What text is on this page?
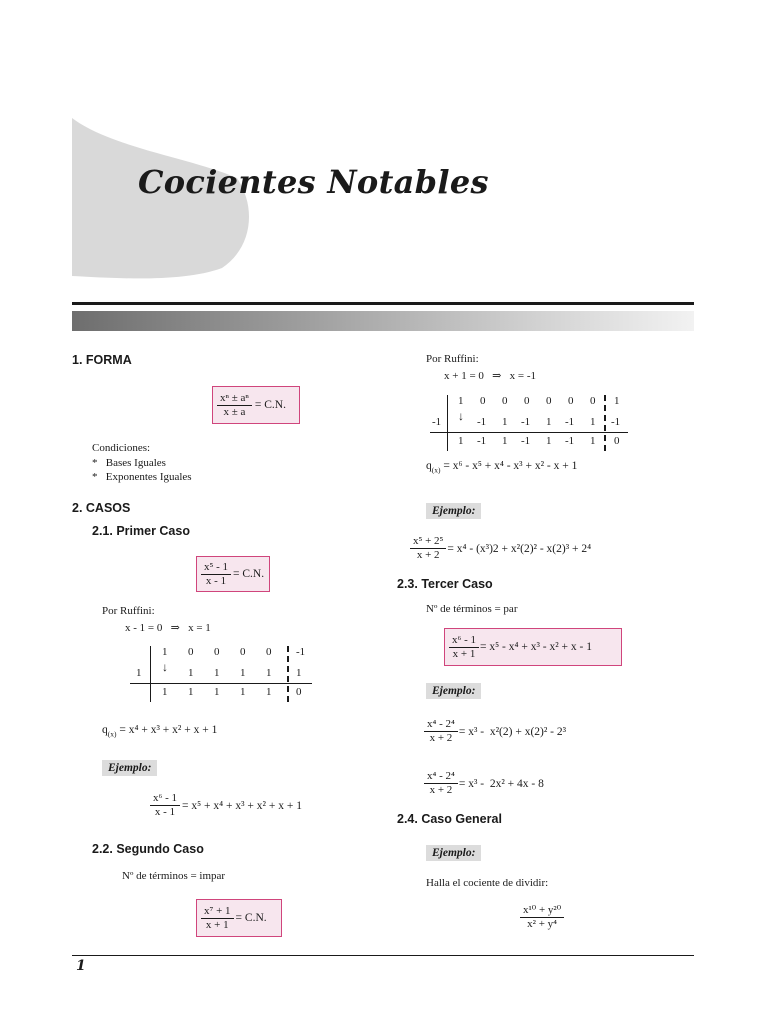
Cocientes Notables
1. FORMA
$\frac{\text{xⁿ ± aⁿ}}{x \pm a} = C.N$.
Condiciones:
*   Bases Iguales
*   Exponentes Iguales
2. CASOS
2.1. Primer Caso
$\frac{\text{x⁵ - 1}}{x - 1} = C.N$.
Por Ruffini:
x - 1 = 0   ⇒   x = 1
1 0 0 0 0 -1
1 ↓ 1 1 1 1 1
1 1 1 1 1 0
$q_{(x)} = x^4 + x^3 + x^2 + x + 1$
Ejemplo:
$\frac{\text{x⁶ - 1}}{x - 1} = x^5 + x^4 + x^3 + x^2 + x + 1$
2.2. Segundo Caso
Nº de términos = impar
$\frac{\text{x⁷ + 1}}{x + 1} = C.N$.
Por Ruffini:
x + 1 = 0   ⇒   x = -1
1 0 0 0 0 0 0 1
-1 ↓ -1 1 -1 1 -1 1 -1
1 -1 1 -1 1 -1 1 0
$q_{(x)} = x^6 - x^5 + x^4 - x^3 + x^2 - x + 1$
Ejemplo:
$\frac{\text{x⁵ + 2⁵}}{x + 2} = x^4 - (x^3)2 + x^2(2)^2 - x(2)^3 + 2^4$
2.3. Tercer Caso
Nº de términos = par
$\frac{\text{x⁶ - 1}}{x + 1} = x^5 - x^4 + x^3 - x^2 + x - 1$
Ejemplo:
$\frac{\text{x⁴ - 2⁴}}{x + 2} = x^3 - x^2(2) + x(2)^2 - 2^3$
$\frac{\text{x⁴ - 2⁴}}{x + 2} = x^3 - 2x^2 + 4x - 8$
2.4. Caso General
Ejemplo:
Halla el cociente de dividir:
$\frac{\text{x¹⁰ + y²⁰}}{\text{x² + y⁴}}$
1
